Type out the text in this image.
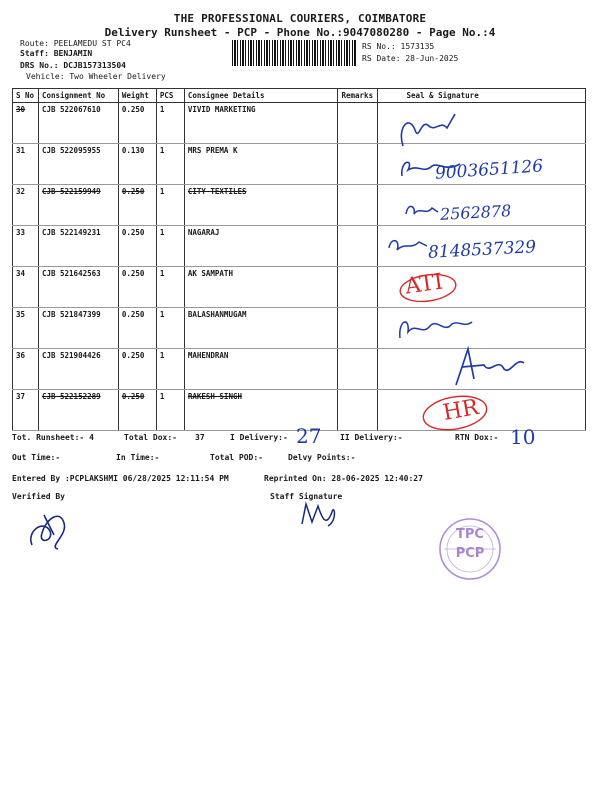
THE PROFESSIONAL COURIERS, COIMBATORE
Delivery Runsheet - PCP - Phone No.:9047080280 - Page No.:4
Route: PEELAMEDU ST PC4
Staff: BENJAMIN
DRS No.: DCJB157313504
Vehicle: Two Wheeler Delivery
RS No.: 1573135
RS Date: 28-Jun-2025
S No	Consignment No	Weight	PCS	Consignee Details	Remarks	Seal & Signature
30	CJB 522067610	0.250	1	VIVID MARKETING		
31	CJB 522095955	0.130	1	MRS PREMA K		
32	CJB 522159949	0.250	1	CITY TEXTILES		
33	CJB 522149231	0.250	1	NAGARAJ		
34	CJB 521642563	0.250	1	AK SAMPATH		
35	CJB 521847399	0.250	1	BALASHANMUGAM		
36	CJB 521904426	0.250	1	MAHENDRAN		
37	CJB 522152289	0.250	1	RAKESH SINGH		
9003651126
2562878
8148537329
ATI
HR
Tot. Runsheet:- 4	Total Dox:- 37	I Delivery:- 27 II Delivery:-	RTN Dox:- 10
Out Time:-	In Time:-	Total POD:-	Delvy Points:-
Entered By :PCPLAKSHMI 06/28/2025 12:11:54 PM	Reprinted On: 28-06-2025 12:40:27
Verified By	Staff Signature
TPC PCP
